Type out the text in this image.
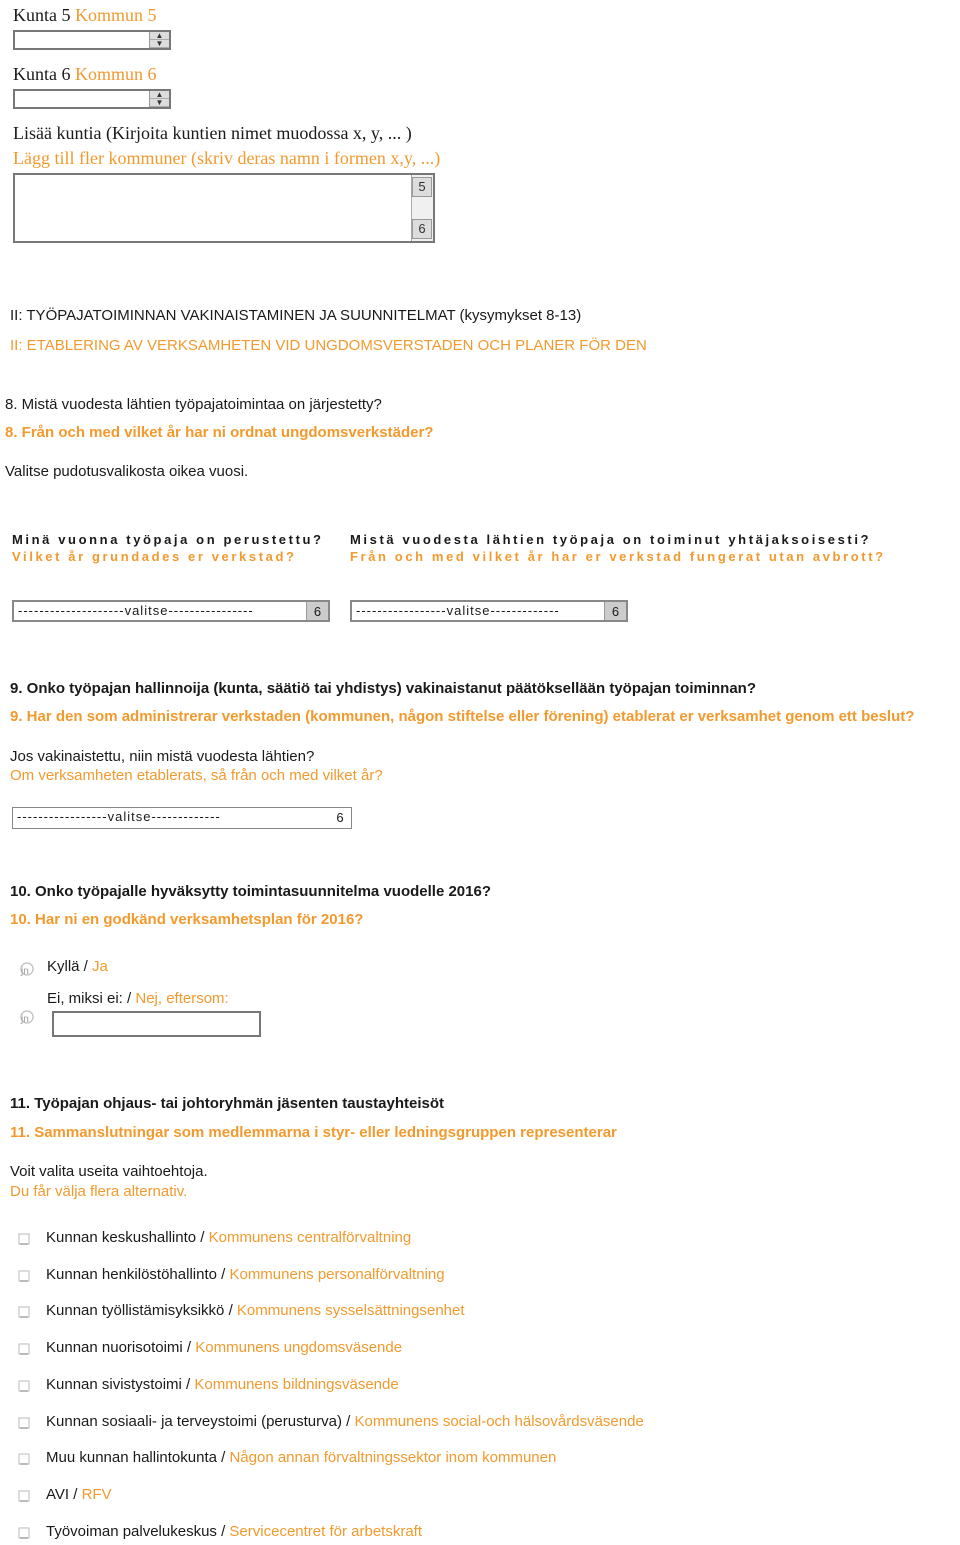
Kunta 5 Kommun 5
▲
▼
Kunta 6 Kommun 6
▲
▼
Lisää kuntia (Kirjoita kuntien nimet muodossa x, y, ... )
Lägg till fler kommuner (skriv deras namn i formen x,y, ...)
5
6
II: TYÖPAJATOIMINNAN VAKINAISTAMINEN JA SUUNNITELMAT (kysymykset 8-13)
II: ETABLERING AV VERKSAMHETEN VID UNGDOMSVERSTADEN OCH PLANER FÖR DEN
8. Mistä vuodesta lähtien työpajatoimintaa on järjestetty?
8. Från och med vilket år har ni ordnat ungdomsverkstäder?
Valitse pudotusvalikosta oikea vuosi.
Minä vuonna työpaja on perustettu?
Vilket år grundades er verkstad?
Mistä vuodesta lähtien työpaja on toiminut yhtäjaksoisesti?
Från och med vilket år har er verkstad fungerat utan avbrott?
--------------------valitse----------------	6	-----------------valitse-------------	6
9. Onko työpajan hallinnoija (kunta, säätiö tai yhdistys) vakinaistanut päätöksellään työpajan toiminnan?
9. Har den som administrerar verkstaden (kommunen, någon stiftelse eller förening) etablerat er verksamhet genom ett beslut?
Jos vakinaistettu, niin mistä vuodesta lähtien?
Om verksamheten etablerats, så från och med vilket år?
-----------------valitse-------------	6
10. Onko työpajalle hyväksytty toimintasuunnitelma vuodelle 2016?
10. Har ni en godkänd verksamhetsplan för 2016?
jn Kyllä / Ja
Ei, miksi ei: / Nej, eftersom:
jn
11. Työpajan ohjaus- tai johtoryhmän jäsenten taustayhteisöt
11. Sammanslutningar som medlemmarna i styr- eller ledningsgruppen representerar
Voit valita useita vaihtoehtoja.
Du får välja flera alternativ.
Kunnan keskushallinto / Kommunens centralförvaltning
Kunnan henkilöstöhallinto / Kommunens personalförvaltning
Kunnan työllistämisyksikkö / Kommunens sysselsättningsenhet
Kunnan nuorisotoimi / Kommunens ungdomsväsende
Kunnan sivistystoimi / Kommunens bildningsväsende
Kunnan sosiaali- ja terveystoimi (perusturva) / Kommunens social-och hälsovårdsväsende
Muu kunnan hallintokunta / Någon annan förvaltningssektor inom kommunen
AVI / RFV
Työvoiman palvelukeskus / Servicecentret för arbetskraft
